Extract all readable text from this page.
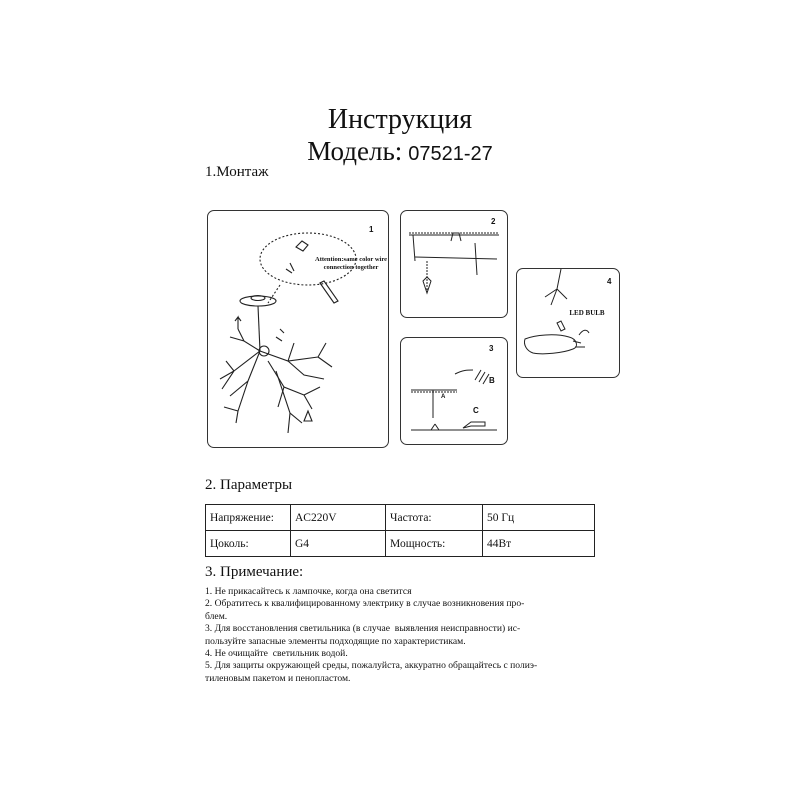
Инструкция
Модель: 07521-27
1.Монтаж
1
Attention:same color wire
connection together
2
3
B
C
A
4
LED BULB
2. Параметры
Напряжение:	AC220V	Частота:	50 Гц
Цоколь:	G4	Мощность:	44Вт
3. Примечание:

1. Не прикасайтесь к лампочке, когда она светится

2. Обратитесь к квалифицированному электрику в случае возникновения про-

блем.

3. Для восстановления светильника (в случае  выявления неисправности) ис-

пользуйте запасные элементы подходящие по характеристикам.

4. Не очищайте  светильник водой.

5. Для защиты окружающей среды, пожалуйста, аккуратно обращайтесь с полиэ-

тиленовым пакетом и пенопластом.
